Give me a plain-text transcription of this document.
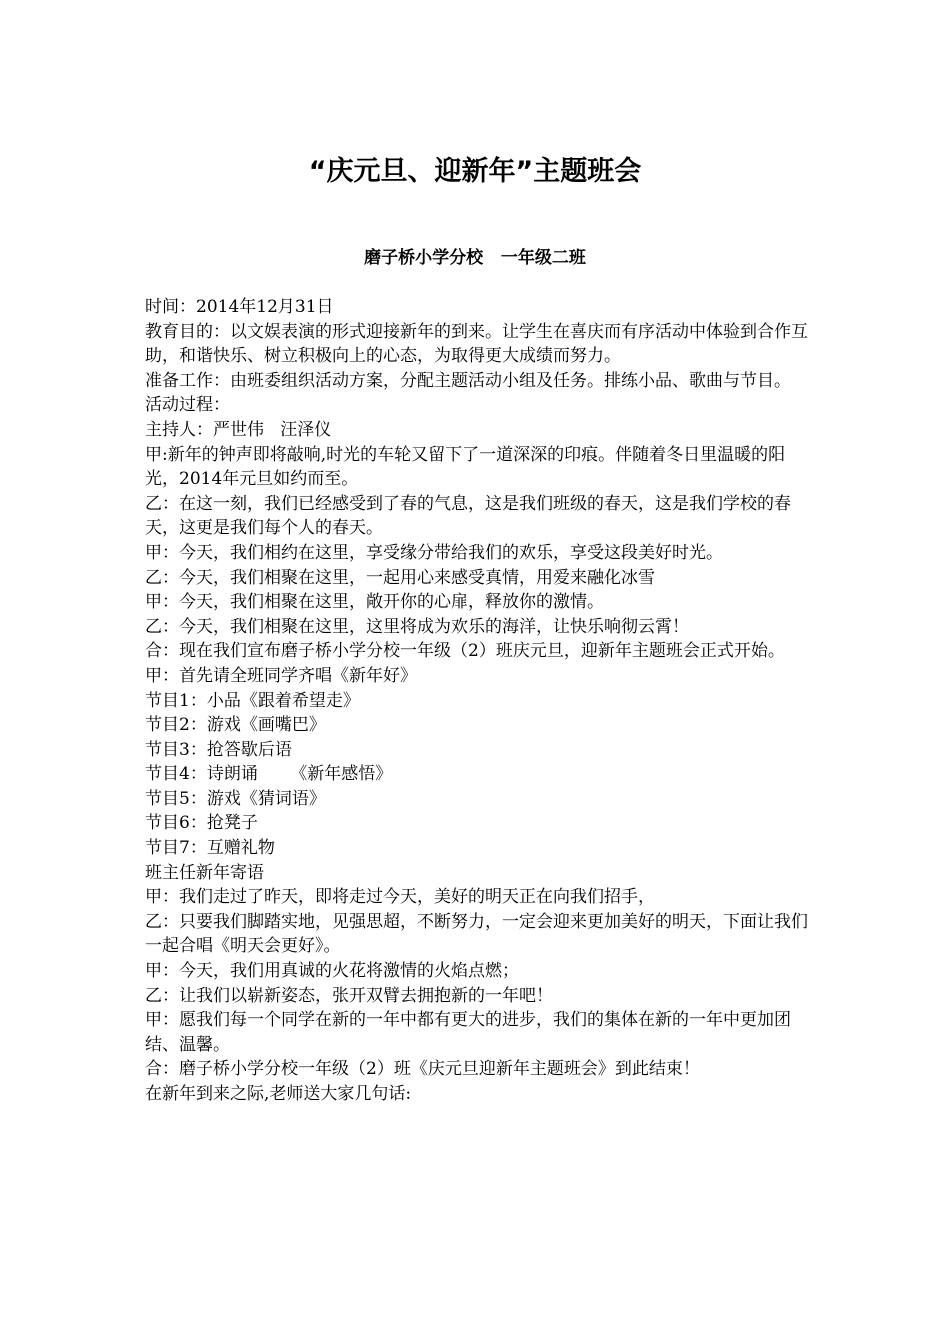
“庆元旦、迎新年”主题班会
磨子桥小学分校   一年级二班
时间：2014年12月31日
教育目的：以文娱表演的形式迎接新年的到来。让学生在喜庆而有序活动中体验到合作互助，和谐快乐、树立积极向上的心态，为取得更大成绩而努力。
准备工作：由班委组织活动方案，分配主题活动小组及任务。排练小品、歌曲与节目。
活动过程：
主持人：严世伟   汪泽仪
甲:新年的钟声即将敲响,时光的车轮又留下了一道深深的印痕。伴随着冬日里温暖的阳光，2014年元旦如约而至。
乙：在这一刻，我们已经感受到了春的气息，这是我们班级的春天，这是我们学校的春天，这更是我们每个人的春天。
甲：今天，我们相约在这里，享受缘分带给我们的欢乐，享受这段美好时光。
乙：今天，我们相聚在这里，一起用心来感受真情，用爱来融化冰雪
甲：今天，我们相聚在这里，敞开你的心扉，释放你的激情。
乙：今天，我们相聚在这里，这里将成为欢乐的海洋，让快乐响彻云霄！
合：现在我们宣布磨子桥小学分校一年级（2）班庆元旦，迎新年主题班会正式开始。
甲：首先请全班同学齐唱《新年好》
节目1：小品《跟着希望走》
节目2：游戏《画嘴巴》
节目3：抢答歇后语
节目4：诗朗诵      《新年感悟》
节目5：游戏《猜词语》
节目6：抢凳子
节目7：互赠礼物
班主任新年寄语
甲：我们走过了昨天，即将走过今天，美好的明天正在向我们招手，
乙：只要我们脚踏实地，见强思超，不断努力，一定会迎来更加美好的明天，下面让我们一起合唱《明天会更好》。
甲：今天，我们用真诚的火花将激情的火焰点燃；
乙：让我们以崭新姿态，张开双臂去拥抱新的一年吧！
甲：愿我们每一个同学在新的一年中都有更大的进步，我们的集体在新的一年中更加团结、温馨。
合：磨子桥小学分校一年级（2）班《庆元旦迎新年主题班会》到此结束！
在新年到来之际,老师送大家几句话:
